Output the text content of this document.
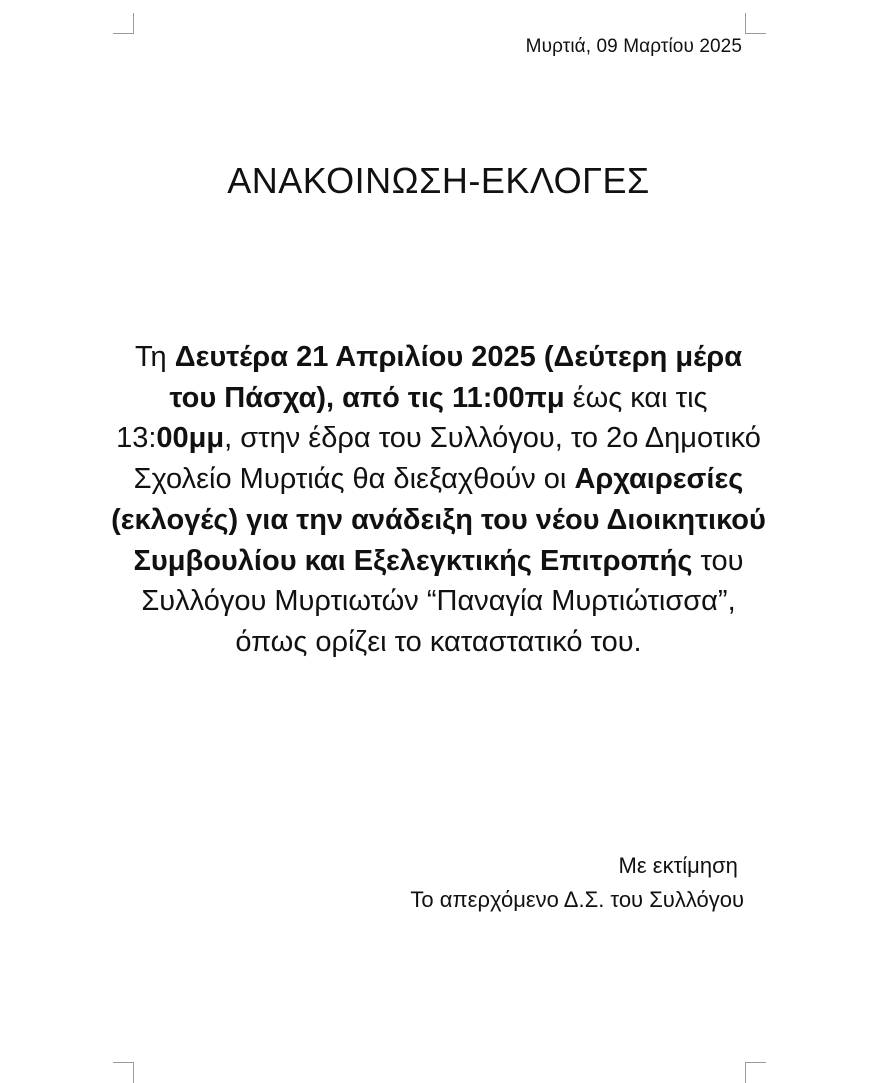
Μυρτιά, 09 Μαρτίου 2025
ΑΝΑΚΟΙΝΩΣΗ-ΕΚΛΟΓΕΣ

Τη Δευτέρα 21 Απριλίου 2025 (Δεύτερη μέρα του Πάσχα), από τις 11:00πμ έως και τις 13:00μμ, στην έδρα του Συλλόγου, το 2ο Δημοτικό Σχολείο Μυρτιάς θα διεξαχθούν οι Αρχαιρεσίες (εκλογές) για την ανάδειξη του νέου Διοικητικού Συμβουλίου και Εξελεγκτικής Επιτροπής του Συλλόγου Μυρτιωτών “Παναγία Μυρτιώτισσα”, όπως ορίζει το καταστατικό του.

Με εκτίμηση
Το απερχόμενο Δ.Σ. του Συλλόγου
